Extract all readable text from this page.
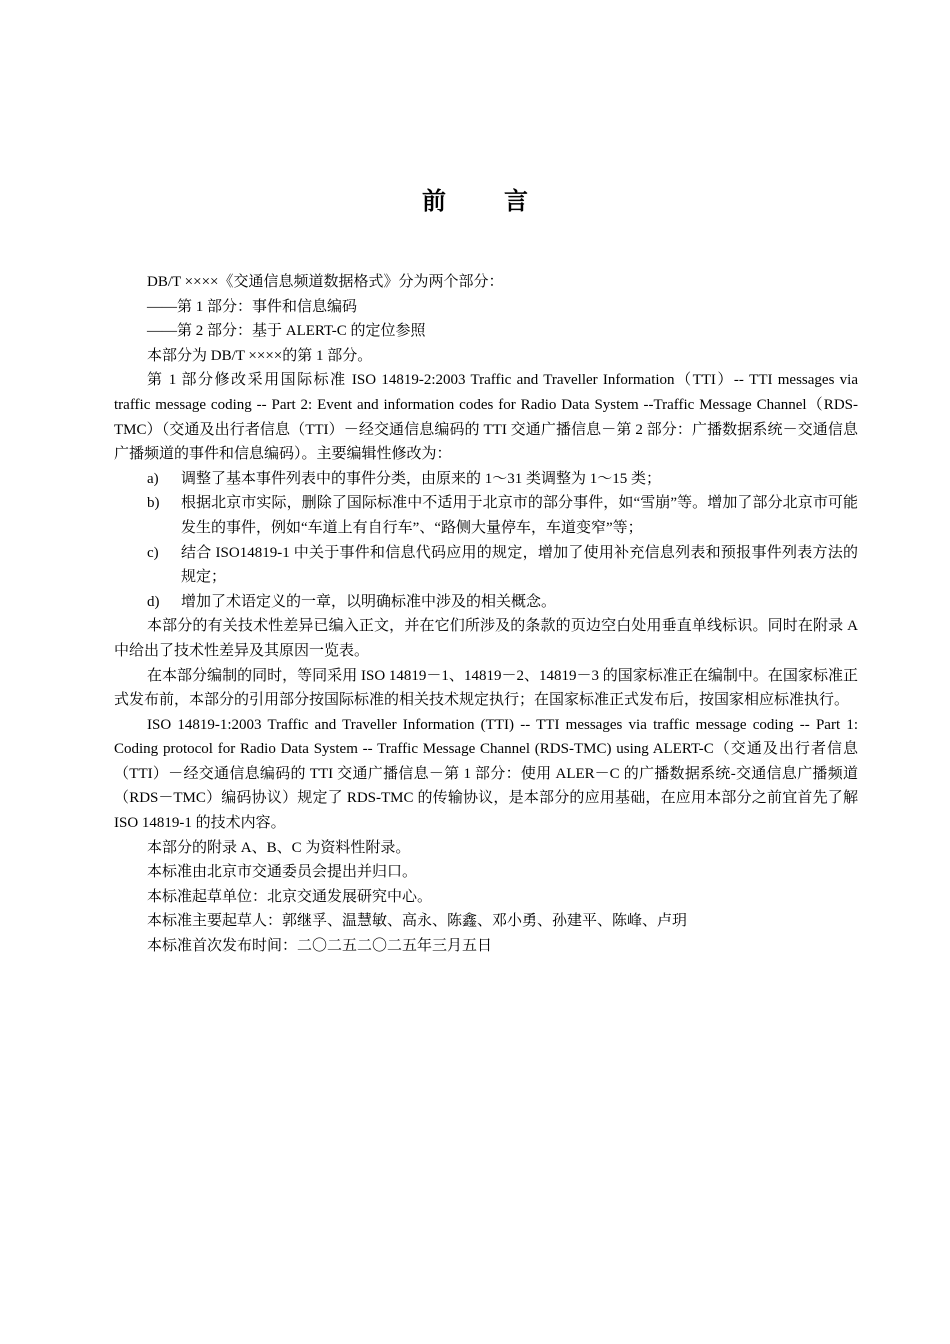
前言

DB/T ××××《交通信息频道数据格式》分为两个部分：

——第 1 部分：事件和信息编码

——第 2 部分：基于 ALERT-C 的定位参照

本部分为 DB/T ××××的第 1 部分。

第 1 部分修改采用国际标准 ISO 14819-2:2003 Traffic and Traveller Information（TTI）-- TTI messages via traffic message coding -- Part 2: Event and information codes for Radio Data System --Traffic Message Channel（RDS-TMC）（交通及出行者信息（TTI）－经交通信息编码的 TTI 交通广播信息－第 2 部分：广播数据系统－交通信息广播频道的事件和信息编码）。主要编辑性修改为：

a) 调整了基本事件列表中的事件分类，由原来的 1～31 类调整为 1～15 类；
b) 根据北京市实际，删除了国际标准中不适用于北京市的部分事件，如“雪崩”等。增加了部分北京市可能发生的事件，例如“车道上有自行车”、“路侧大量停车，车道变窄”等；
c) 结合 ISO14819-1 中关于事件和信息代码应用的规定，增加了使用补充信息列表和预报事件列表方法的规定；
d) 增加了术语定义的一章，以明确标准中涉及的相关概念。

本部分的有关技术性差异已编入正文，并在它们所涉及的条款的页边空白处用垂直单线标识。同时在附录 A 中给出了技术性差异及其原因一览表。

在本部分编制的同时，等同采用 ISO 14819－1、14819－2、14819－3 的国家标准正在编制中。在国家标准正式发布前，本部分的引用部分按国际标准的相关技术规定执行；在国家标准正式发布后，按国家相应标准执行。

ISO 14819-1:2003 Traffic and Traveller Information (TTI) -- TTI messages via traffic message coding -- Part 1: Coding protocol for Radio Data System -- Traffic Message Channel (RDS-TMC) using ALERT-C（交通及出行者信息（TTI）－经交通信息编码的 TTI 交通广播信息－第 1 部分：使用 ALER－C 的广播数据系统-交通信息广播频道（RDS－TMC）编码协议）规定了 RDS-TMC 的传输协议，是本部分的应用基础，在应用本部分之前宜首先了解 ISO 14819-1 的技术内容。

本部分的附录 A、B、C 为资料性附录。

本标准由北京市交通委员会提出并归口。

本标准起草单位：北京交通发展研究中心。

本标准主要起草人：郭继孚、温慧敏、高永、陈鑫、邓小勇、孙建平、陈峰、卢玥

本标准首次发布时间：二〇二五二〇二五年三月五日
